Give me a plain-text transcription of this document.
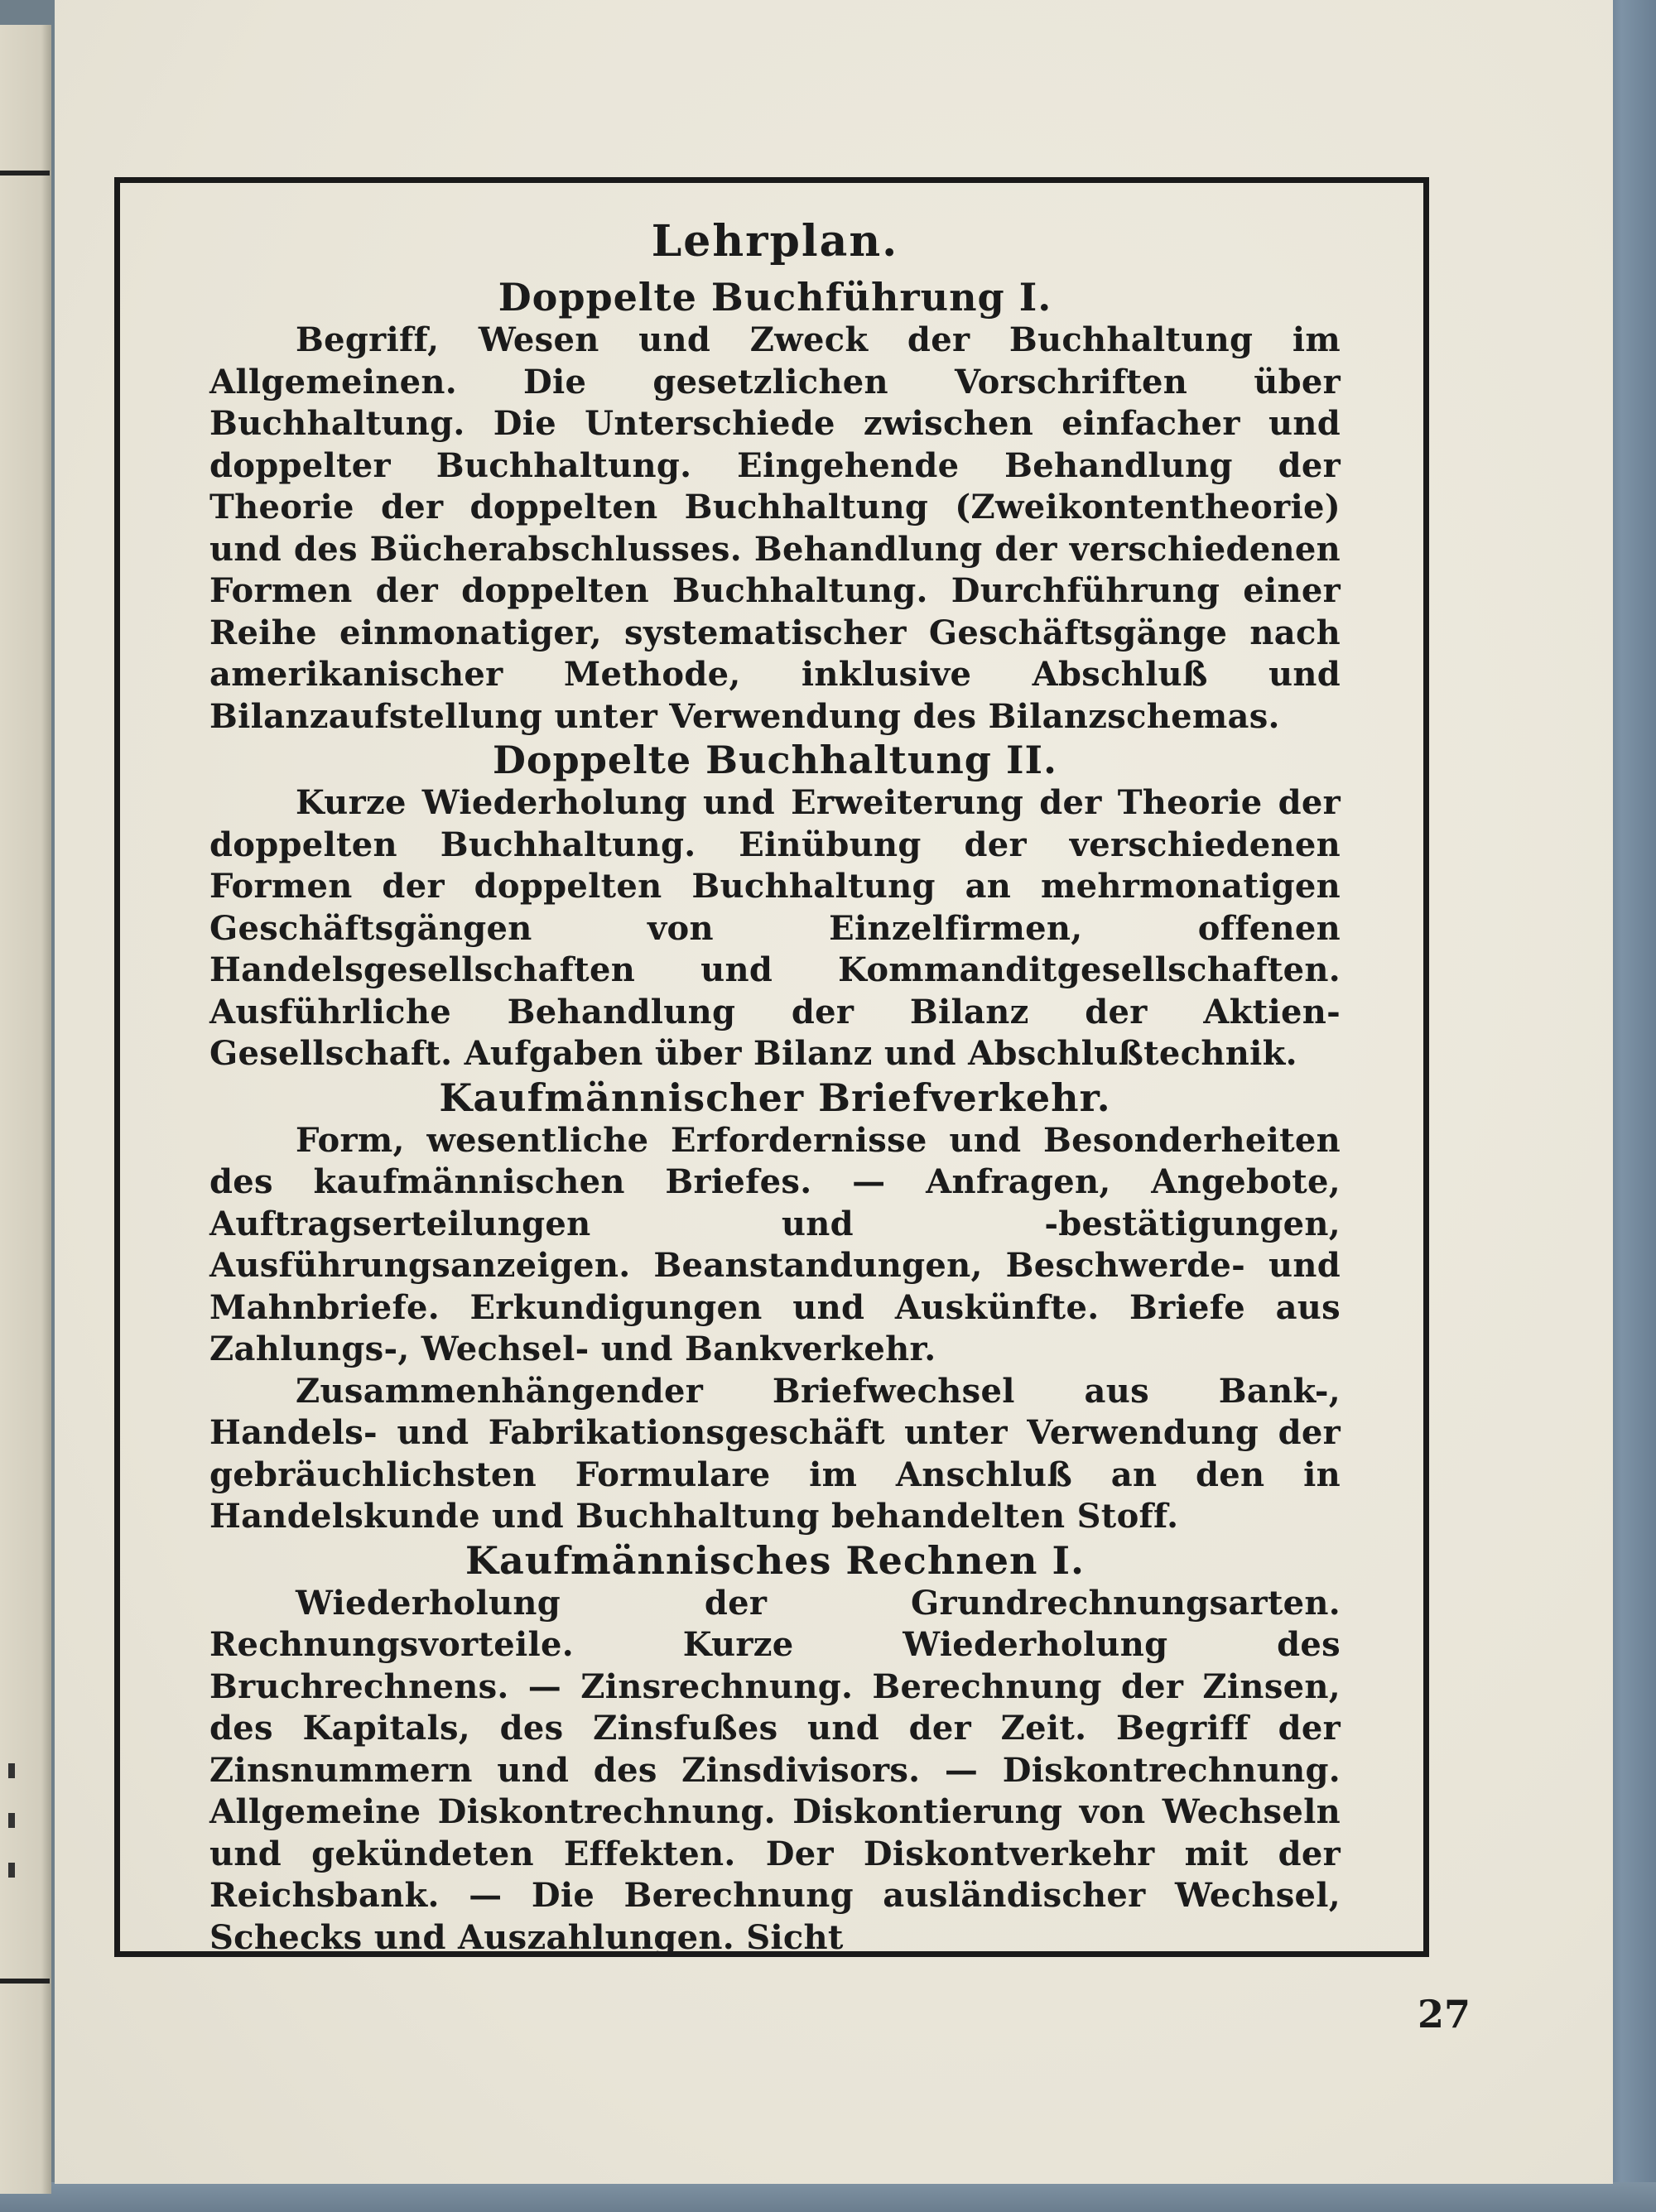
Lehrplan.
Doppelte Buchführung I.

Begriff, Wesen und Zweck der Buchhaltung im Allgemeinen. Die gesetzlichen Vorschriften über Buchhaltung. Die Unterschiede zwischen einfacher und doppelter Buchhaltung. Eingehende Behandlung der Theorie der doppelten Buchhaltung (Zweikontentheorie) und des Bücherabschlusses. Behandlung der verschiedenen Formen der doppelten Buchhaltung. Durchführung einer Reihe einmonatiger, systematischer Geschäftsgänge nach amerikanischer Methode, inklusive Abschluß und Bilanzaufstellung unter Verwendung des Bilanzschemas.

Doppelte Buchhaltung II.

Kurze Wiederholung und Erweiterung der Theorie der doppelten Buchhaltung. Einübung der verschiedenen Formen der doppelten Buchhaltung an mehrmonatigen Geschäftsgängen von Einzelfirmen, offenen Handelsgesellschaften und Kommanditgesellschaften. Ausführliche Behandlung der Bilanz der Aktien-Gesellschaft. Aufgaben über Bilanz und Abschlußtechnik.

Kaufmännischer Briefverkehr.

Form, wesentliche Erfordernisse und Besonderheiten des kaufmännischen Briefes. — Anfragen, Angebote, Auftragserteilungen und -bestätigungen, Ausführungsanzeigen. Beanstandungen, Beschwerde- und Mahnbriefe. Erkundigungen und Auskünfte. Briefe aus Zahlungs-, Wechsel- und Bankverkehr.

Zusammenhängender Briefwechsel aus Bank-, Handels- und Fabrikationsgeschäft unter Verwendung der gebräuchlichsten Formulare im Anschluß an den in Handelskunde und Buchhaltung behandelten Stoff.

Kaufmännisches Rechnen I.

Wiederholung der Grundrechnungsarten. Rechnungsvorteile. Kurze Wiederholung des Bruchrechnens. — Zinsrechnung. Berechnung der Zinsen, des Kapitals, des Zinsfußes und der Zeit. Begriff der Zinsnummern und des Zinsdivisors. — Diskontrechnung. Allgemeine Diskontrechnung. Diskontierung von Wechseln und gekündeten Effekten. Der Diskontverkehr mit der Reichsbank. — Die Berechnung ausländischer Wechsel, Schecks und Auszahlungen. Sicht

27
